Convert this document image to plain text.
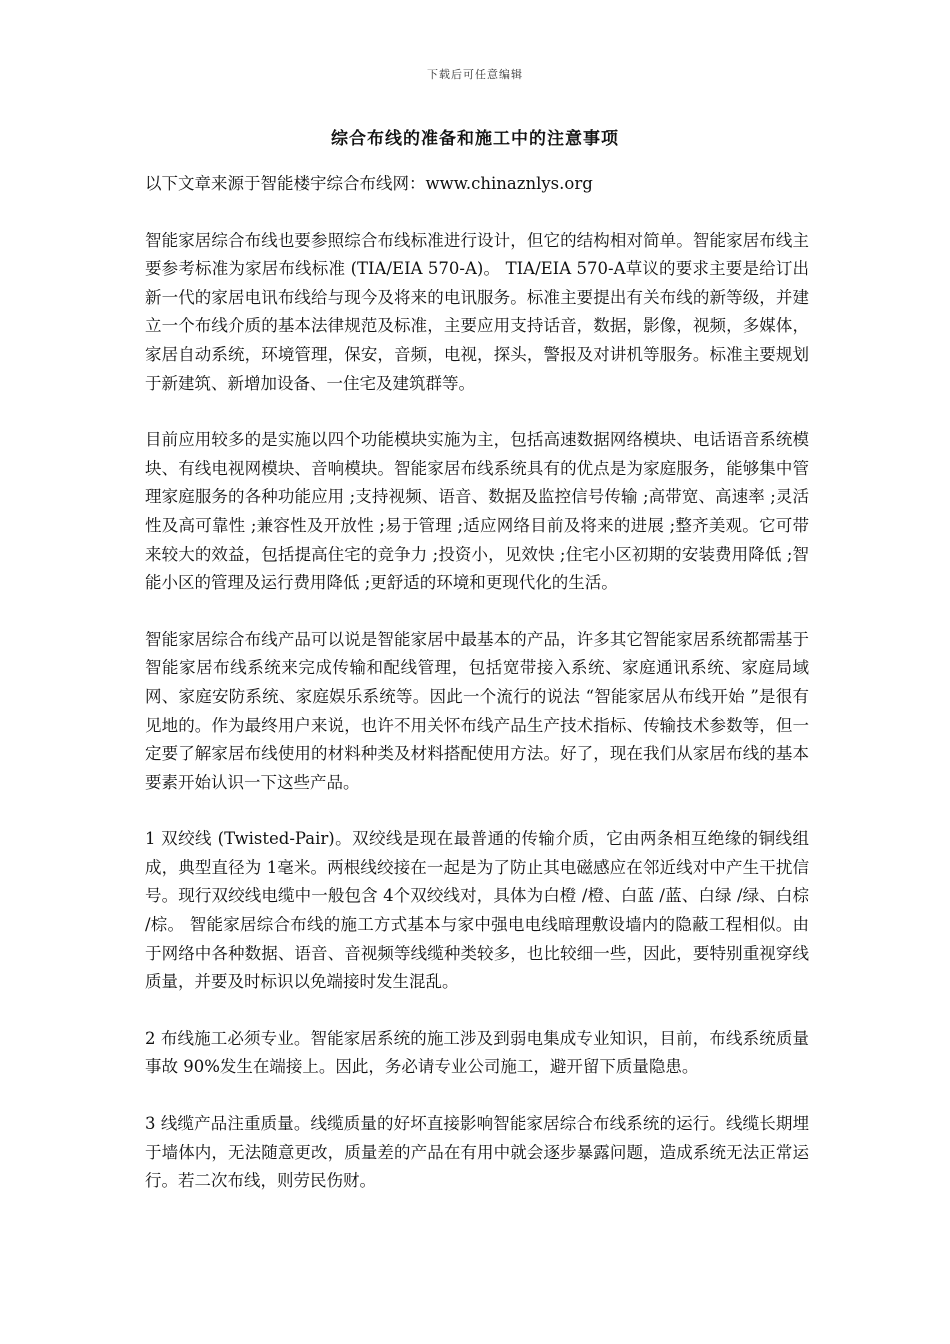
下载后可任意编辑
综合布线的准备和施工中的注意事项

以下文章来源于智能楼宇综合布线网：www.chinaznlys.org

智能家居综合布线也要参照综合布线标准进行设计，但它的结构相对简单。智能家居布线主要参考标准为家居布线标准 (TIA/EIA 570-A)。 TIA/EIA 570-A草议的要求主要是给订出新一代的家居电讯布线给与现今及将来的电讯服务。标准主要提出有关布线的新等级，并建立一个布线介质的基本法律规范及标准，主要应用支持话音，数据，影像，视频，多媒体，家居自动系统，环境管理，保安，音频，电视，探头，警报及对讲机等服务。标准主要规划于新建筑、新增加设备、一住宅及建筑群等。

目前应用较多的是实施以四个功能模块实施为主，包括高速数据网络模块、电话语音系统模块、有线电视网模块、音响模块。智能家居布线系统具有的优点是为家庭服务，能够集中管理家庭服务的各种功能应用 ;支持视频、语音、数据及监控信号传输 ;高带宽、高速率 ;灵活性及高可靠性 ;兼容性及开放性 ;易于管理 ;适应网络目前及将来的进展 ;整齐美观。它可带来较大的效益，包括提高住宅的竞争力 ;投资小，见效快 ;住宅小区初期的安装费用降低 ;智能小区的管理及运行费用降低 ;更舒适的环境和更现代化的生活。

智能家居综合布线产品可以说是智能家居中最基本的产品，许多其它智能家居系统都需基于智能家居布线系统来完成传输和配线管理，包括宽带接入系统、家庭通讯系统、家庭局域网、家庭安防系统、家庭娱乐系统等。因此一个流行的说法 “智能家居从布线开始 ”是很有见地的。作为最终用户来说，也许不用关怀布线产品生产技术指标、传输技术参数等，但一定要了解家居布线使用的材料种类及材料搭配使用方法。好了，现在我们从家居布线的基本要素开始认识一下这些产品。

1 双绞线 (Twisted-Pair)。双绞线是现在最普通的传输介质，它由两条相互绝缘的铜线组成，典型直径为 1毫米。两根线绞接在一起是为了防止其电磁感应在邻近线对中产生干扰信号。现行双绞线电缆中一般包含 4个双绞线对，具体为白橙 /橙、白蓝 /蓝、白绿 /绿、白棕 /棕。 智能家居综合布线的施工方式基本与家中强电电线暗理敷设墙内的隐蔽工程相似。由于网络中各种数据、语音、音视频等线缆种类较多，也比较细一些，因此，要特别重视穿线质量，并要及时标识以免端接时发生混乱。

2 布线施工必须专业。智能家居系统的施工涉及到弱电集成专业知识，目前，布线系统质量事故 90%发生在端接上。因此，务必请专业公司施工，避开留下质量隐患。

3 线缆产品注重质量。线缆质量的好坏直接影响智能家居综合布线系统的运行。线缆长期埋于墙体内，无法随意更改，质量差的产品在有用中就会逐步暴露问题，造成系统无法正常运行。若二次布线，则劳民伤财。
